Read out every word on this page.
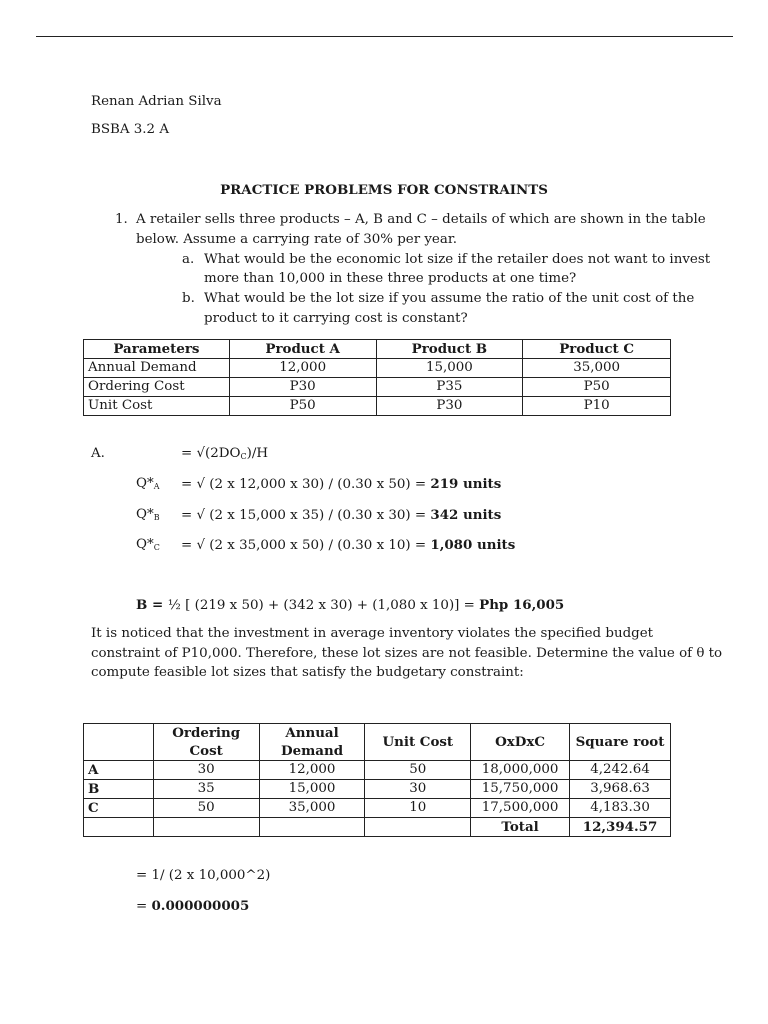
Renan Adrian Silva
BSBA 3.2 A
PRACTICE PROBLEMS FOR CONSTRAINTS
1. A retailer sells three products – A, B and C – details of which are shown in the table
below. Assume a carrying rate of 30% per year.
a. What would be the economic lot size if the retailer does not want to invest
more than 10,000 in these three products at one time?
b. What would be the lot size if you assume the ratio of the unit cost of the
product to it carrying cost is constant?
Parameters	Product A	Product B	Product C
Annual Demand	12,000	15,000	35,000
Ordering Cost	P30	P35	P50
Unit Cost	P50	P30	P10
A.	= $√(2DO_C)/H$
$Q*_A$ = √ (2 x 12,000 x 30) / (0.30 x 50) = 219 units
$Q*_B$ = √ (2 x 15,000 x 35) / (0.30 x 30) = 342 units
$Q*_C$ = √ (2 x 35,000 x 50) / (0.30 x 10) = 1,080 units
B = ½ [ (219 x 50) + (342 x 30) + (1,080 x 10)] = Php 16,005
It is noticed that the investment in average inventory violates the specified budget
constraint of P10,000. Therefore, these lot sizes are not feasible. Determine the value of θ to
compute feasible lot sizes that satisfy the budgetary constraint:
	Ordering Cost	Annual Demand	Unit Cost	OxDxC	Square root
A	30	12,000	50	18,000,000	4,242.64
B	35	15,000	30	15,750,000	3,968.63
C	50	35,000	10	17,500,000	4,183.30
				Total	12,394.57
= 1/ (2 x 10,000^2)
= 0.000000005
